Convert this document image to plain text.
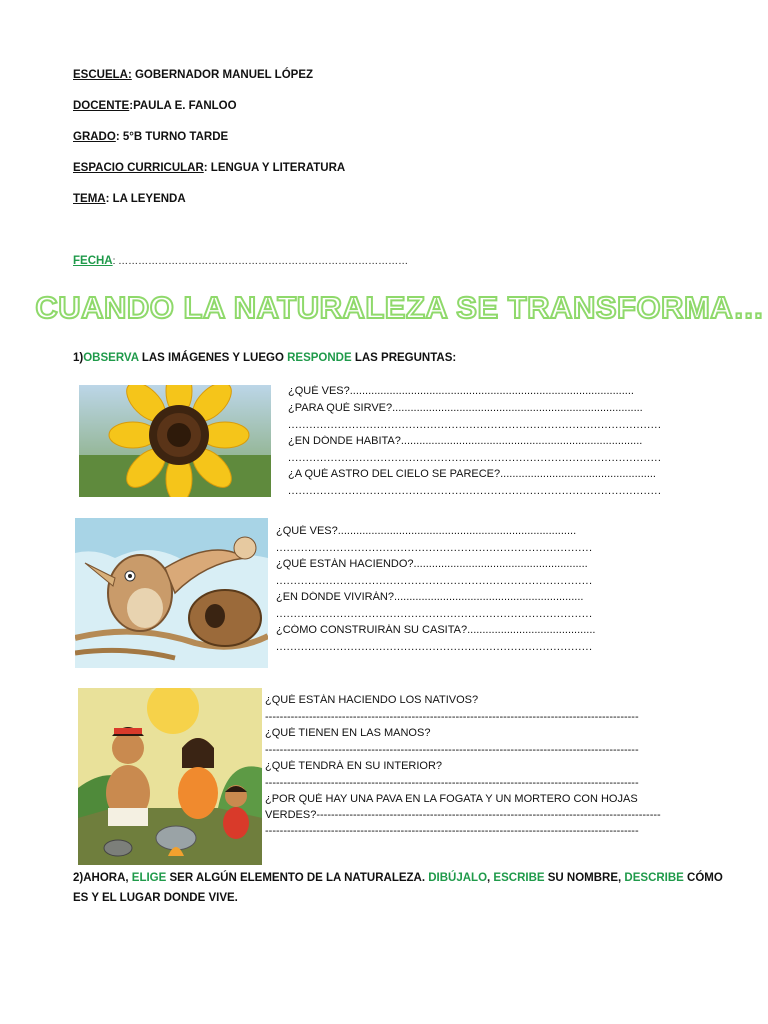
ESCUELA: GOBERNADOR MANUEL LÓPEZ
DOCENTE:PAULA E. FANLOO
GRADO: 5°B TURNO TARDE
ESPACIO CURRICULAR: LENGUA Y LITERATURA
TEMA: LA LEYENDA
FECHA: ……………………………………………………………………………
CUANDO LA NATURALEZA SE TRANSFORMA…
1)OBSERVA LAS IMÁGENES Y LUEGO RESPONDE LAS PREGUNTAS:
¿QUÉ VES?.............................................................................................
¿PARA QUÉ SIRVE?..................................................................................
.........................................................................................................
¿EN DÓNDE HABITA?...............................................................................
.........................................................................................................
¿A QUÉ ASTRO DEL CIELO SE PARECE?...................................................
.........................................................................................................
¿QUÉ VES?..............................................................................
.........................................................................................
¿QUÉ ESTÁN HACIENDO?.........................................................
.........................................................................................
¿EN DÓNDE VIVIRÁN?..............................................................
.........................................................................................
¿CÓMO CONSTRUIRÁN SU CASITA?..........................................
.........................................................................................
¿QUÉ ESTÁN HACIENDO LOS NATIVOS?
------------------------------------------------------------------------------------------------------
¿QUÉ TIENEN EN LAS MANOS?
------------------------------------------------------------------------------------------------------
¿QUÉ TENDRÁ EN SU INTERIOR?
------------------------------------------------------------------------------------------------------
¿POR QUÉ HAY UNA PAVA EN LA FOGATA Y UN MORTERO CON HOJAS
VERDES?----------------------------------------------------------------------------------------------
------------------------------------------------------------------------------------------------------
2)AHORA, ELIGE SER ALGÚN ELEMENTO DE LA NATURALEZA. DIBÚJALO, ESCRIBE SU NOMBRE, DESCRIBE CÓMO
ES Y EL LUGAR DONDE VIVE.
